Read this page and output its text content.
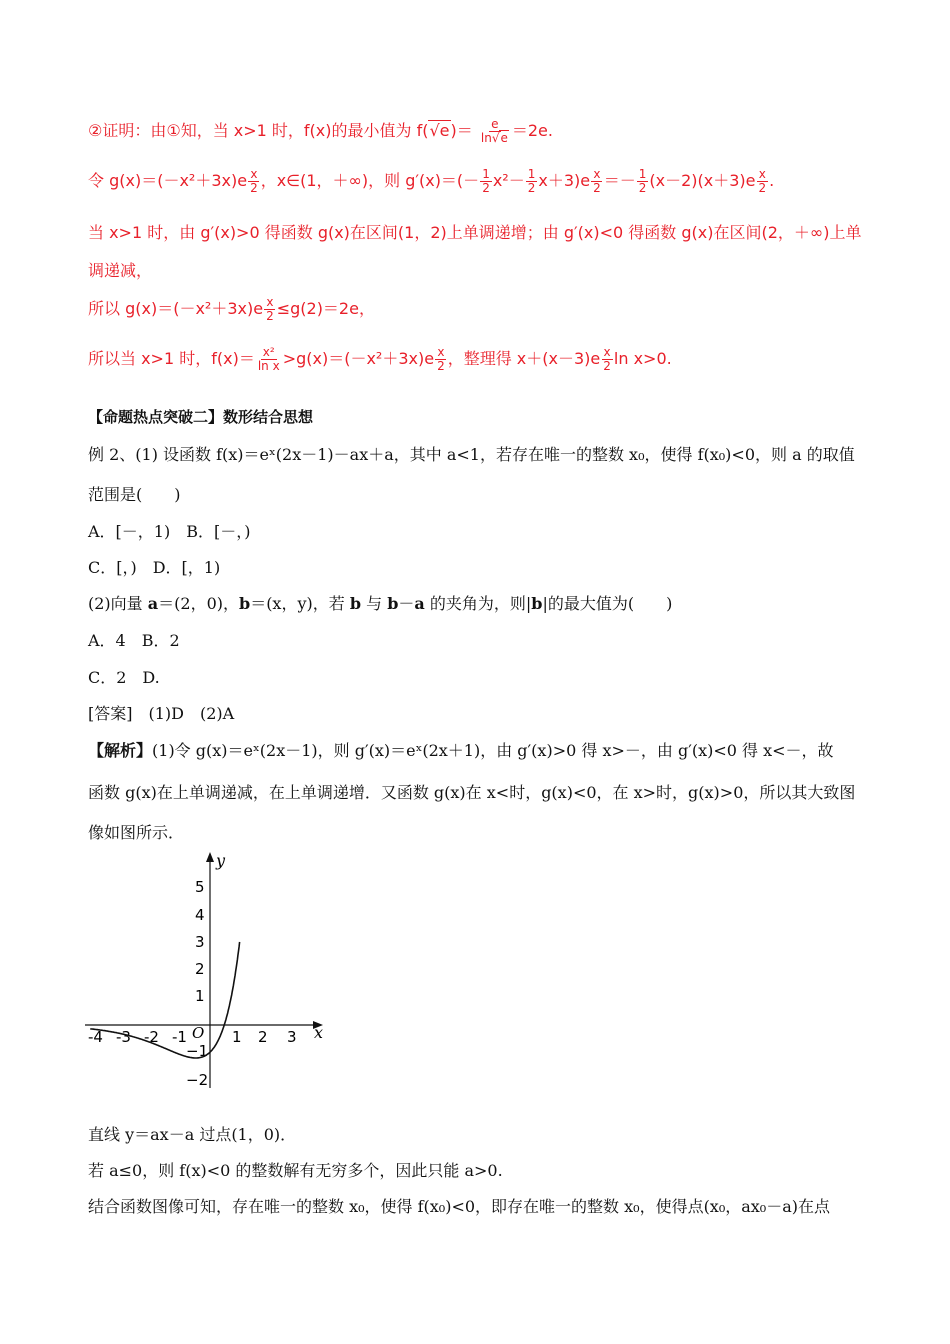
②证明：由①知，当 x>1 时，f(x)的最小值为 $f(√e)= \frac{e}{\ln√e} =2e$.
令 $g(x)=(-x^2+3x)e \frac{x}{2}$ ，x∈(1，＋∞)，则 $g'(x)=(- \frac{1}{2} x^2- \frac{1}{2} x+3)e \frac{x}{2} =- \frac{1}{2} (x-2)(x+3)e \frac{x}{2}$ .
当 x>1 时，由 g′(x)>0 得函数 g(x)在区间(1，2)上单调递增；由 g′(x)<0 得函数 g(x)在区间(2，＋∞)上单
调递减，
所以 $g(x)=(-x^2+3x)e \frac{x}{2} \le g(2)=2e$，
所以当 x>1 时，$f(x)= \frac{\text{x²}}{\text{ln x}} >g(x)=(-x^2+3x)e \frac{x}{2}$ ，整理得 $x+(x-3)e \frac{x}{2}$ ln x>0.
【命题热点突破二】数形结合思想
例 2、(1) 设函数 f(x)＝eˣ(2x－1)－ax＋a，其中 a<1，若存在唯一的整数 x₀，使得 f(x₀)<0，则 a 的取值
范围是(　　)
A．[－，1)　B．[－，)
C．[，)　D．[，1)
(2)向量 a＝(2，0)，b＝(x，y)，若 b 与 b－a 的夹角为，则|b|的最大值为(　　)
A．4　B．2
C．2　D.
[答案]　(1)D　(2)A
【解析】(1)令 g(x)＝eˣ(2x－1)，则 g′(x)＝eˣ(2x＋1)，由 g′(x)>0 得 x>－，由 g′(x)<0 得 x<－，故
函数 g(x)在上单调递减，在上单调递增．又函数 g(x)在 x<时，g(x)<0，在 x>时，g(x)>0，所以其大致图
像如图所示．
y
x
O
5
4
3
2
1
−1
−2
-4 -3 -2 -1	1 2 3
直线 y＝ax－a 过点(1，0)．
若 a≤0，则 f(x)<0 的整数解有无穷多个，因此只能 a>0.
结合函数图像可知，存在唯一的整数 x₀，使得 f(x₀)<0，即存在唯一的整数 x₀，使得点(x₀，ax₀－a)在点
